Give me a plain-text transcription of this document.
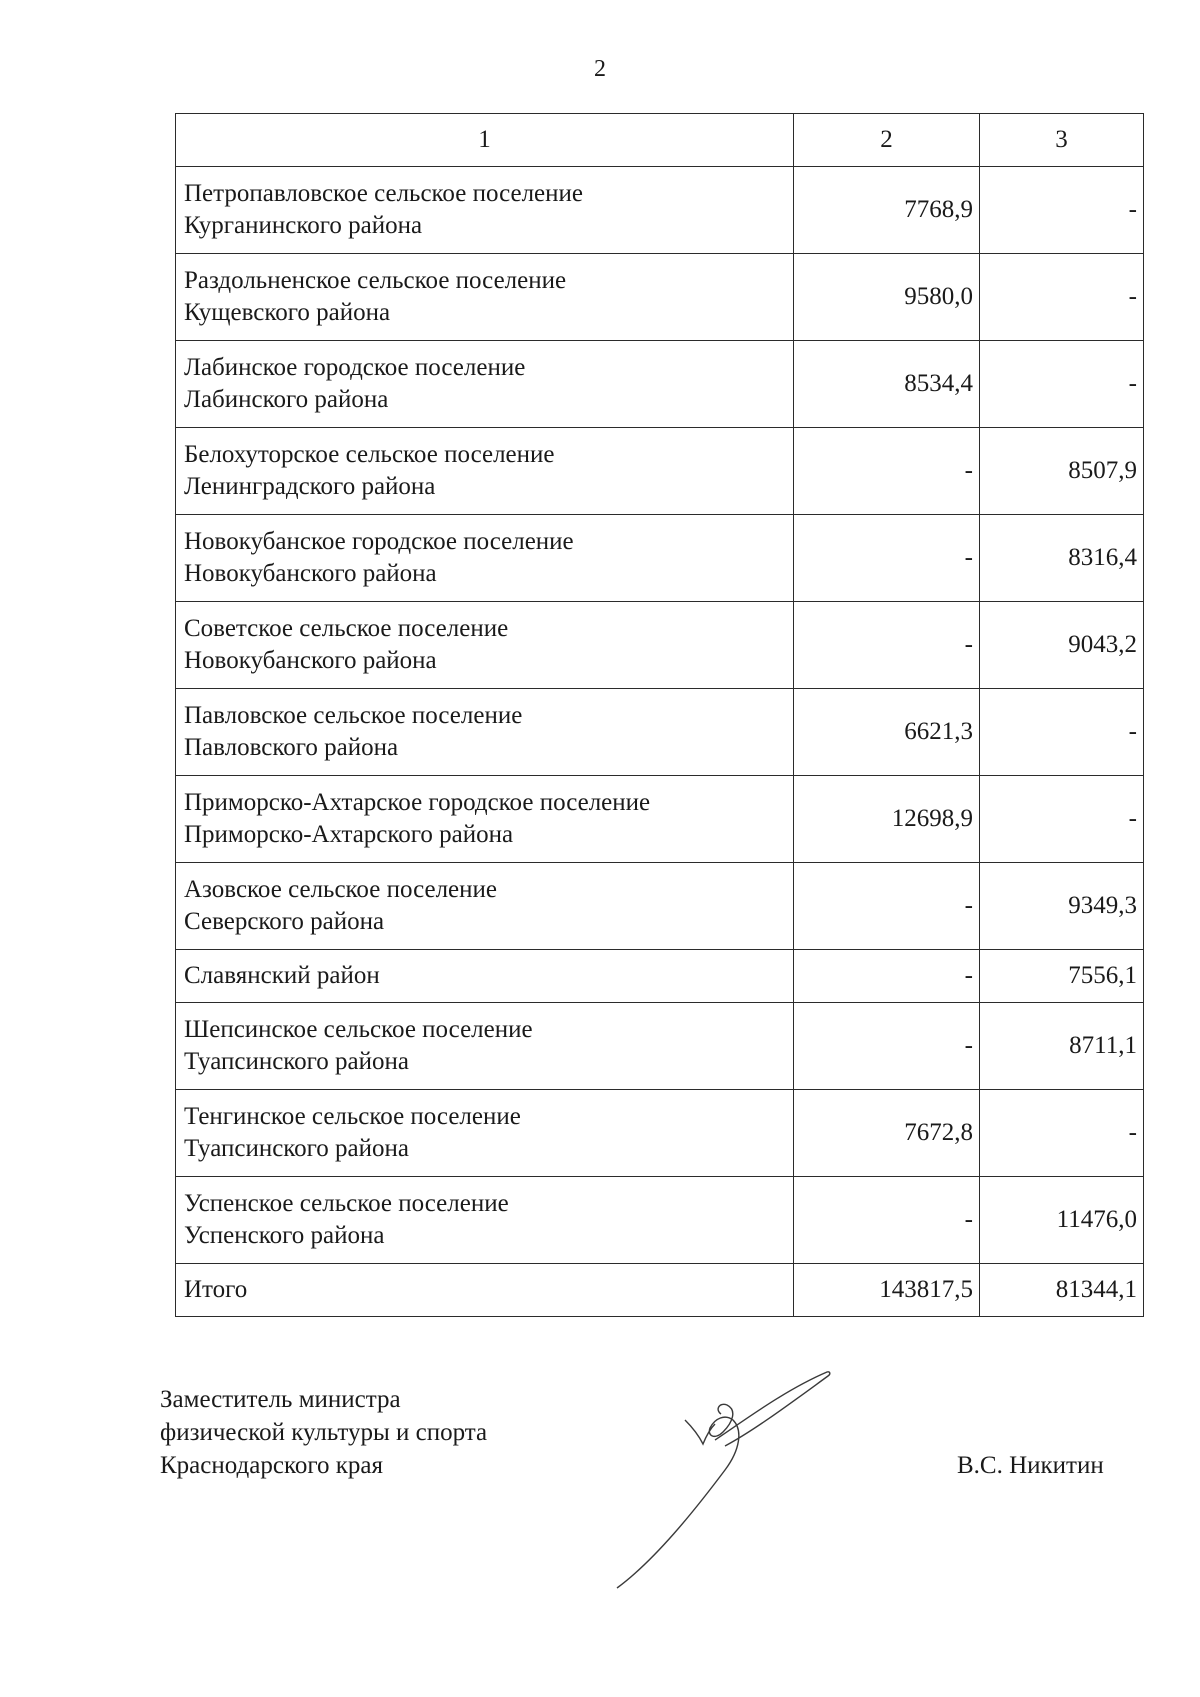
2
1	2	3

Петропавловское сельское поселение
Курганинского района	7768,9	-

Раздольненское сельское поселение
Кущевского района	9580,0	-

Лабинское городское поселение
Лабинского района	8534,4	-

Белохуторское сельское поселение
Ленинградского района	-	8507,9

Новокубанское городское поселение
Новокубанского района	-	8316,4

Советское сельское поселение
Новокубанского района	-	9043,2

Павловское сельское поселение
Павловского района	6621,3	-

Приморско-Ахтарское городское поселение
Приморско-Ахтарского района	12698,9	-

Азовское сельское поселение
Северского района	-	9349,3

Славянский район	-	7556,1

Шепсинское сельское поселение
Туапсинского района	-	8711,1

Тенгинское сельское поселение
Туапсинского района	7672,8	-

Успенское сельское поселение
Успенского района	-	11476,0
Итого	143817,5	81344,1
Заместитель министра
физической культуры и спорта
Краснодарского края	В.С. Никитин
